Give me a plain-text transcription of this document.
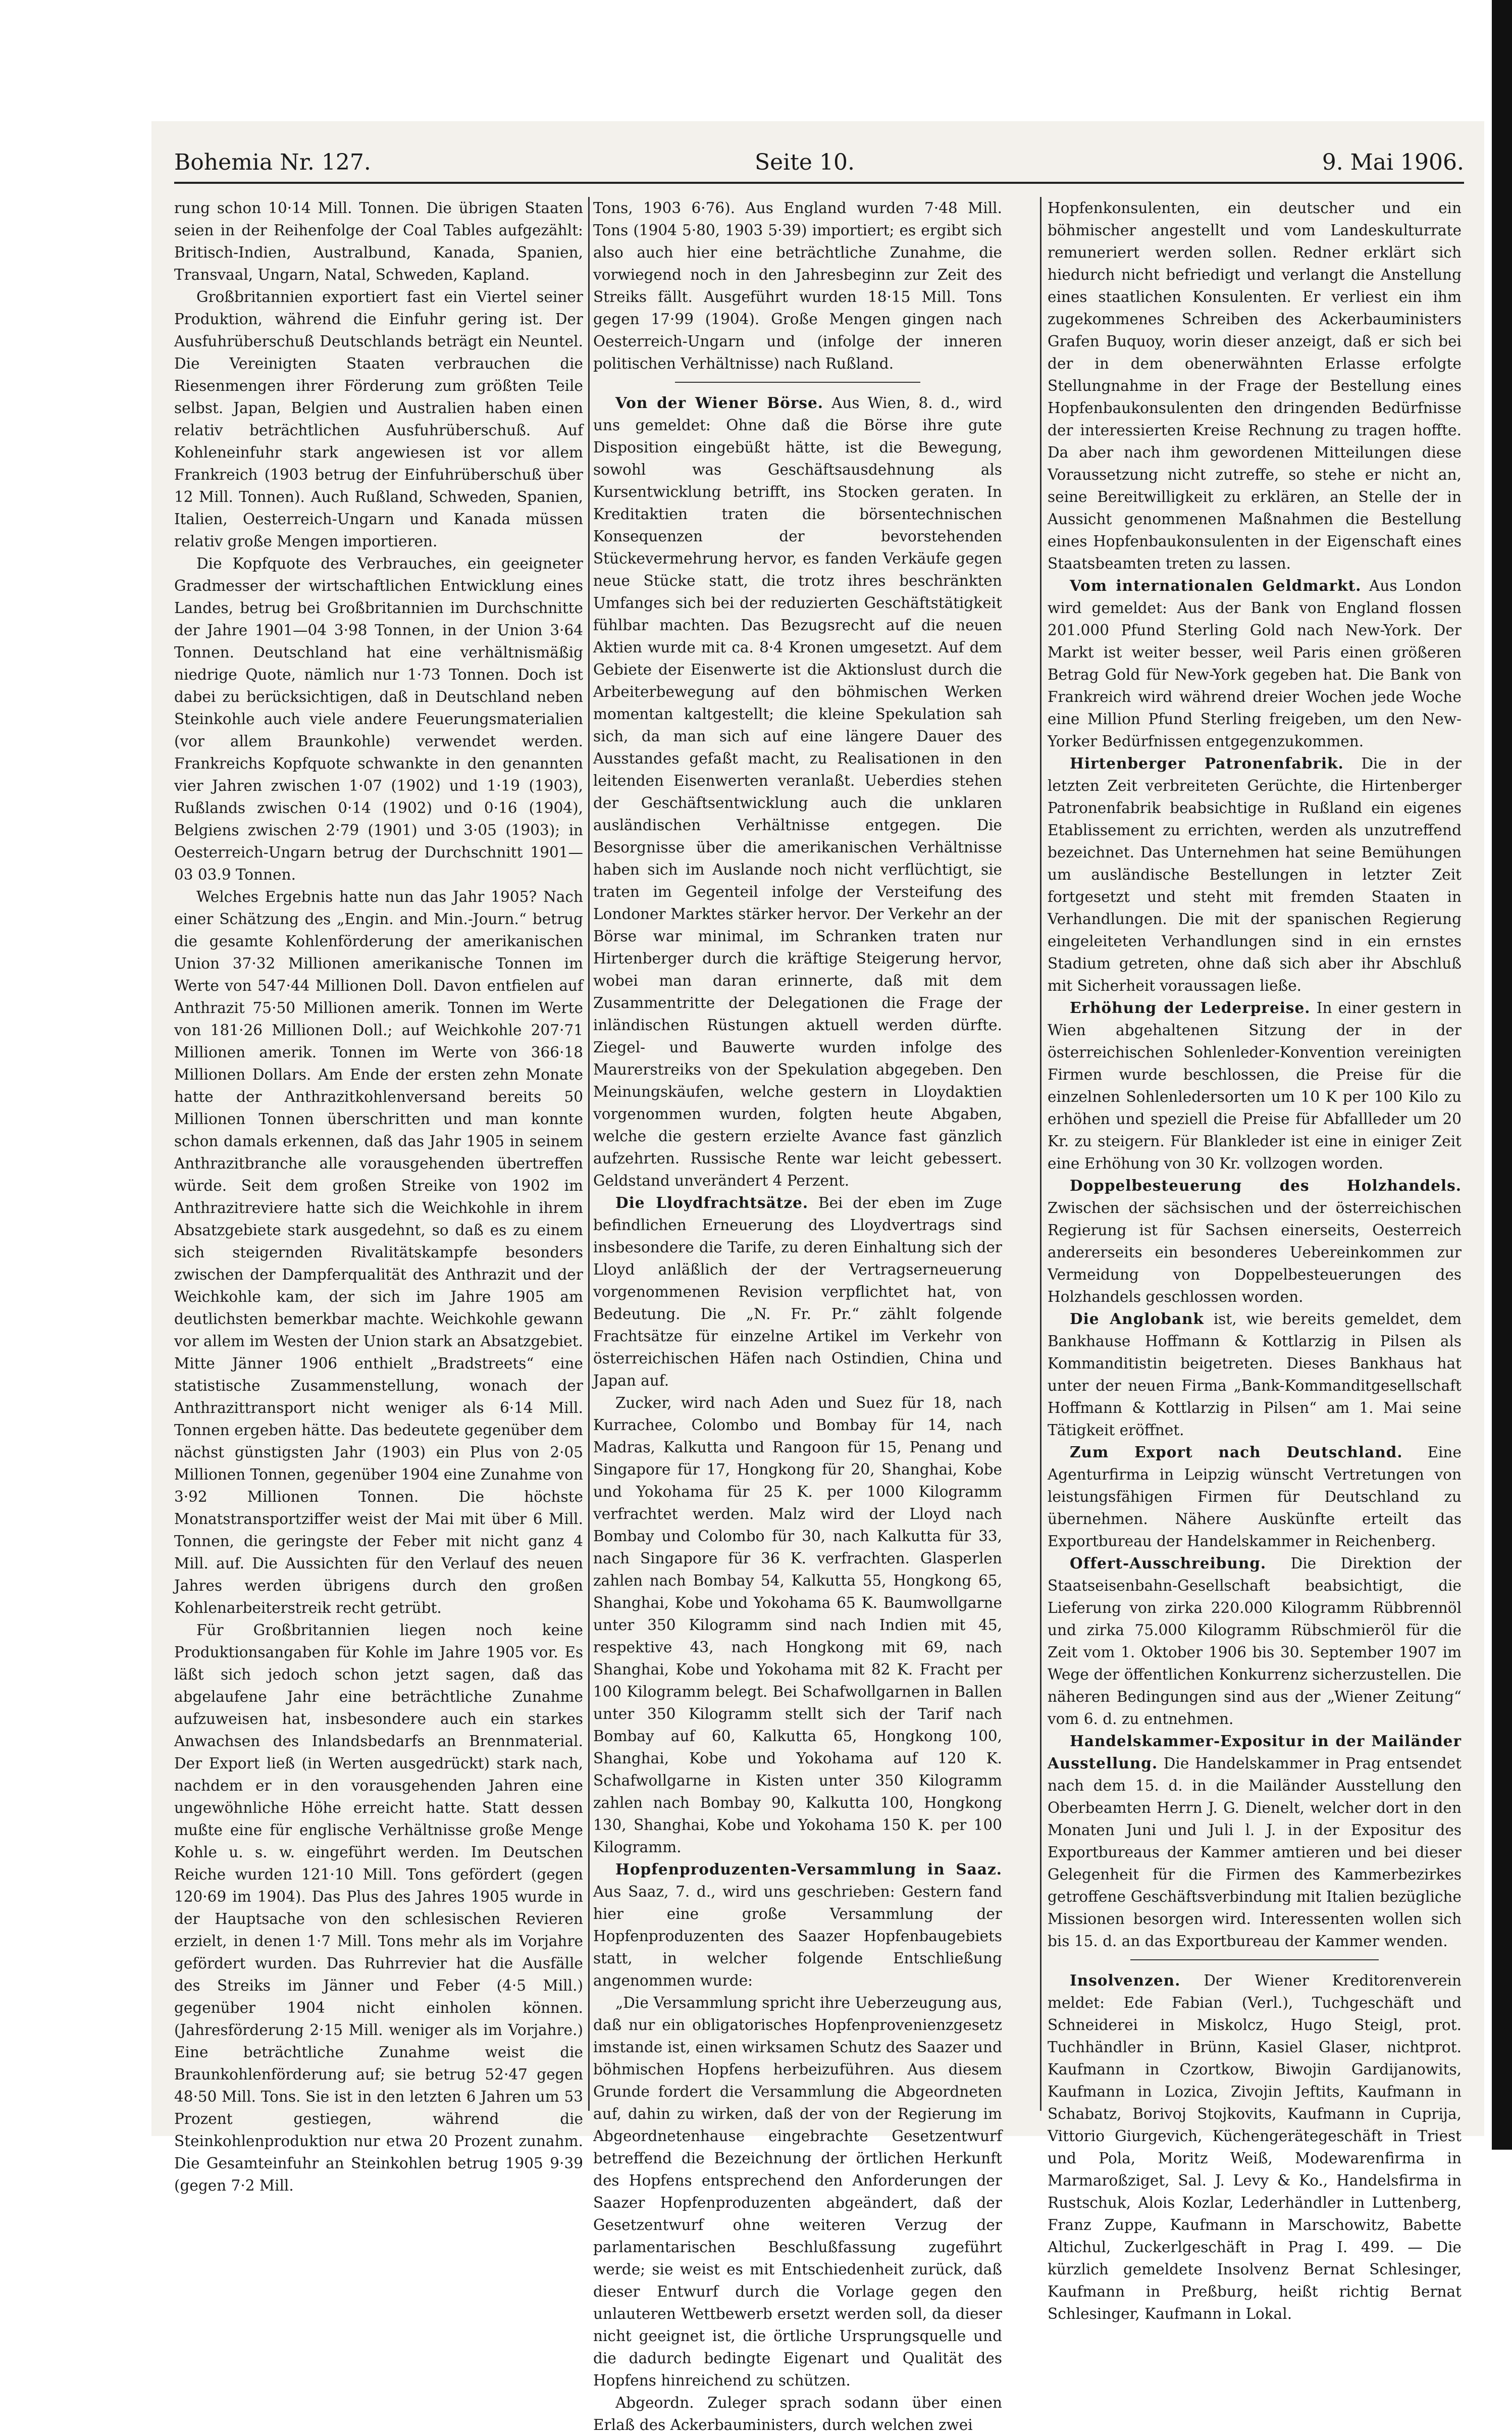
Bohemia Nr. 127.	Seite 10.	9. Mai 1906.

rung schon 10·14 Mill. Tonnen. Die übrigen Staaten seien in der Reihenfolge der Coal Tables aufgezählt: Britisch-Indien, Australbund, Kanada, Spanien, Transvaal, Ungarn, Natal, Schweden, Kapland.

Großbritannien exportiert fast ein Viertel seiner Produktion, während die Einfuhr gering ist. Der Ausfuhrüberschuß Deutschlands beträgt ein Neuntel. Die Vereinigten Staaten verbrauchen die Riesenmengen ihrer Förderung zum größten Teile selbst. Japan, Belgien und Australien haben einen relativ beträchtlichen Ausfuhrüberschuß. Auf Kohleneinfuhr stark angewiesen ist vor allem Frankreich (1903 betrug der Einfuhrüberschuß über 12 Mill. Tonnen). Auch Rußland, Schweden, Spanien, Italien, Oesterreich-Ungarn und Kanada müssen relativ große Mengen importieren.

Die Kopfquote des Verbrauches, ein geeigneter Gradmesser der wirtschaftlichen Entwicklung eines Landes, betrug bei Großbritannien im Durchschnitte der Jahre 1901—04 3·98 Tonnen, in der Union 3·64 Tonnen. Deutschland hat eine verhältnismäßig niedrige Quote, nämlich nur 1·73 Tonnen. Doch ist dabei zu berücksichtigen, daß in Deutschland neben Steinkohle auch viele andere Feuerungsmaterialien (vor allem Braunkohle) verwendet werden. Frankreichs Kopfquote schwankte in den genannten vier Jahren zwischen 1·07 (1902) und 1·19 (1903), Rußlands zwischen 0·14 (1902) und 0·16 (1904), Belgiens zwischen 2·79 (1901) und 3·05 (1903); in Oesterreich-Ungarn betrug der Durchschnitt 1901—03 03.9 Tonnen.

Welches Ergebnis hatte nun das Jahr 1905? Nach einer Schätzung des „Engin. and Min.-Journ.“ betrug die gesamte Kohlenförderung der amerikanischen Union 37·32 Millionen amerikanische Tonnen im Werte von 547·44 Millionen Doll. Davon entfielen auf Anthrazit 75·50 Millionen amerik. Tonnen im Werte von 181·26 Millionen Doll.; auf Weichkohle 207·71 Millionen amerik. Tonnen im Werte von 366·18 Millionen Dollars. Am Ende der ersten zehn Monate hatte der Anthrazitkohlenversand bereits 50 Millionen Tonnen überschritten und man konnte schon damals erkennen, daß das Jahr 1905 in seinem Anthrazitbranche alle vorausgehenden übertreffen würde. Seit dem großen Streike von 1902 im Anthrazitreviere hatte sich die Weichkohle in ihrem Absatzgebiete stark ausgedehnt, so daß es zu einem sich steigernden Rivalitätskampfe besonders zwischen der Dampferqualität des Anthrazit und der Weichkohle kam, der sich im Jahre 1905 am deutlichsten bemerkbar machte. Weichkohle gewann vor allem im Westen der Union stark an Absatzgebiet. Mitte Jänner 1906 enthielt „Bradstreets“ eine statistische Zusammenstellung, wonach der Anthrazittransport nicht weniger als 6·14 Mill. Tonnen ergeben hätte. Das bedeutete gegenüber dem nächst günstigsten Jahr (1903) ein Plus von 2·05 Millionen Tonnen, gegenüber 1904 eine Zunahme von 3·92 Millionen Tonnen. Die höchste Monatstransportziffer weist der Mai mit über 6 Mill. Tonnen, die geringste der Feber mit nicht ganz 4 Mill. auf. Die Aussichten für den Verlauf des neuen Jahres werden übrigens durch den großen Kohlenarbeiterstreik recht getrübt.

Für Großbritannien liegen noch keine Produktionsangaben für Kohle im Jahre 1905 vor. Es läßt sich jedoch schon jetzt sagen, daß das abgelaufene Jahr eine beträchtliche Zunahme aufzuweisen hat, insbesondere auch ein starkes Anwachsen des Inlandsbedarfs an Brennmaterial. Der Export ließ (in Werten ausgedrückt) stark nach, nachdem er in den vorausgehenden Jahren eine ungewöhnliche Höhe erreicht hatte. Statt dessen mußte eine für englische Verhältnisse große Menge Kohle u. s. w. eingeführt werden. Im Deutschen Reiche wurden 121·10 Mill. Tons gefördert (gegen 120·69 im 1904). Das Plus des Jahres 1905 wurde in der Hauptsache von den schlesischen Revieren erzielt, in denen 1·7 Mill. Tons mehr als im Vorjahre gefördert wurden. Das Ruhrrevier hat die Ausfälle des Streiks im Jänner und Feber (4·5 Mill.) gegenüber 1904 nicht einholen können. (Jahresförderung 2·15 Mill. weniger als im Vorjahre.) Eine beträchtliche Zunahme weist die Braunkohlenförderung auf; sie betrug 52·47 gegen 48·50 Mill. Tons. Sie ist in den letzten 6 Jahren um 53 Prozent gestiegen, während die Steinkohlenproduktion nur etwa 20 Prozent zunahm. Die Gesamteinfuhr an Steinkohlen betrug 1905 9·39 (gegen 7·2 Mill.

Tons, 1903 6·76). Aus England wurden 7·48 Mill. Tons (1904 5·80, 1903 5·39) importiert; es ergibt sich also auch hier eine beträchtliche Zunahme, die vorwiegend noch in den Jahresbeginn zur Zeit des Streiks fällt. Ausgeführt wurden 18·15 Mill. Tons gegen 17·99 (1904). Große Mengen gingen nach Oesterreich-Ungarn und (infolge der inneren politischen Verhältnisse) nach Rußland.

Von der Wiener Börse. Aus Wien, 8. d., wird uns gemeldet: Ohne daß die Börse ihre gute Disposition eingebüßt hätte, ist die Bewegung, sowohl was Geschäftsausdehnung als Kursentwicklung betrifft, ins Stocken geraten. In Kreditaktien traten die börsentechnischen Konsequenzen der bevorstehenden Stückevermehrung hervor, es fanden Verkäufe gegen neue Stücke statt, die trotz ihres beschränkten Umfanges sich bei der reduzierten Geschäftstätigkeit fühlbar machten. Das Bezugsrecht auf die neuen Aktien wurde mit ca. 8·4 Kronen umgesetzt. Auf dem Gebiete der Eisenwerte ist die Aktionslust durch die Arbeiterbewegung auf den böhmischen Werken momentan kaltgestellt; die kleine Spekulation sah sich, da man sich auf eine längere Dauer des Ausstandes gefaßt macht, zu Realisationen in den leitenden Eisenwerten veranlaßt. Ueberdies stehen der Geschäftsentwicklung auch die unklaren ausländischen Verhältnisse entgegen. Die Besorgnisse über die amerikanischen Verhältnisse haben sich im Auslande noch nicht verflüchtigt, sie traten im Gegenteil infolge der Versteifung des Londoner Marktes stärker hervor. Der Verkehr an der Börse war minimal, im Schranken traten nur Hirtenberger durch die kräftige Steigerung hervor, wobei man daran erinnerte, daß mit dem Zusammentritte der Delegationen die Frage der inländischen Rüstungen aktuell werden dürfte. Ziegel- und Bauwerte wurden infolge des Maurerstreiks von der Spekulation abgegeben. Den Meinungskäufen, welche gestern in Lloydaktien vorgenommen wurden, folgten heute Abgaben, welche die gestern erzielte Avance fast gänzlich aufzehrten. Russische Rente war leicht gebessert. Geldstand unverändert 4 Perzent.

Die Lloydfrachtsätze. Bei der eben im Zuge befindlichen Erneuerung des Lloydvertrags sind insbesondere die Tarife, zu deren Einhaltung sich der Lloyd anläßlich der der Vertragserneuerung vorgenommenen Revision verpflichtet hat, von Bedeutung. Die „N. Fr. Pr.“ zählt folgende Frachtsätze für einzelne Artikel im Verkehr von österreichischen Häfen nach Ostindien, China und Japan auf.

Zucker, wird nach Aden und Suez für 18, nach Kurrachee, Colombo und Bombay für 14, nach Madras, Kalkutta und Rangoon für 15, Penang und Singapore für 17, Hongkong für 20, Shanghai, Kobe und Yokohama für 25 K. per 1000 Kilogramm verfrachtet werden. Malz wird der Lloyd nach Bombay und Colombo für 30, nach Kalkutta für 33, nach Singapore für 36 K. verfrachten. Glasperlen zahlen nach Bombay 54, Kalkutta 55, Hongkong 65, Shanghai, Kobe und Yokohama 65 K. Baumwollgarne unter 350 Kilogramm sind nach Indien mit 45, respektive 43, nach Hongkong mit 69, nach Shanghai, Kobe und Yokohama mit 82 K. Fracht per 100 Kilogramm belegt. Bei Schafwollgarnen in Ballen unter 350 Kilogramm stellt sich der Tarif nach Bombay auf 60, Kalkutta 65, Hongkong 100, Shanghai, Kobe und Yokohama auf 120 K. Schafwollgarne in Kisten unter 350 Kilogramm zahlen nach Bombay 90, Kalkutta 100, Hongkong 130, Shanghai, Kobe und Yokohama 150 K. per 100 Kilogramm.

Hopfenproduzenten-Versammlung in Saaz. Aus Saaz, 7. d., wird uns geschrieben: Gestern fand hier eine große Versammlung der Hopfenproduzenten des Saazer Hopfenbaugebiets statt, in welcher folgende Entschließung angenommen wurde:

„Die Versammlung spricht ihre Ueberzeugung aus, daß nur ein obligatorisches Hopfenprovenienzgesetz imstande ist, einen wirksamen Schutz des Saazer und böhmischen Hopfens herbeizuführen. Aus diesem Grunde fordert die Versammlung die Abgeordneten auf, dahin zu wirken, daß der von der Regierung im Abgeordnetenhause eingebrachte Gesetzentwurf betreffend die Bezeichnung der örtlichen Herkunft des Hopfens entsprechend den Anforderungen der Saazer Hopfenproduzenten abgeändert, daß der Gesetzentwurf ohne weiteren Verzug der parlamentarischen Beschlußfassung zugeführt werde; sie weist es mit Entschiedenheit zurück, daß dieser Entwurf durch die Vorlage gegen den unlauteren Wettbewerb ersetzt werden soll, da dieser nicht geeignet ist, die örtliche Ursprungsquelle und die dadurch bedingte Eigenart und Qualität des Hopfens hinreichend zu schützen.

Abgeordn. Zuleger sprach sodann über einen Erlaß des Ackerbauministers, durch welchen zwei

Hopfenkonsulenten, ein deutscher und ein böhmischer angestellt und vom Landeskulturrate remuneriert werden sollen. Redner erklärt sich hiedurch nicht befriedigt und verlangt die Anstellung eines staatlichen Konsulenten. Er verliest ein ihm zugekommenes Schreiben des Ackerbauministers Grafen Buquoy, worin dieser anzeigt, daß er sich bei der in dem obenerwähnten Erlasse erfolgte Stellungnahme in der Frage der Bestellung eines Hopfenbaukonsulenten den dringenden Bedürfnisse der interessierten Kreise Rechnung zu tragen hoffte. Da aber nach ihm gewordenen Mitteilungen diese Voraussetzung nicht zutreffe, so stehe er nicht an, seine Bereitwilligkeit zu erklären, an Stelle der in Aussicht genommenen Maßnahmen die Bestellung eines Hopfenbaukonsulenten in der Eigenschaft eines Staatsbeamten treten zu lassen.

Vom internationalen Geldmarkt. Aus London wird gemeldet: Aus der Bank von England flossen 201.000 Pfund Sterling Gold nach New-York. Der Markt ist weiter besser, weil Paris einen größeren Betrag Gold für New-York gegeben hat. Die Bank von Frankreich wird während dreier Wochen jede Woche eine Million Pfund Sterling freigeben, um den New-Yorker Bedürfnissen entgegenzukommen.

Hirtenberger Patronenfabrik. Die in der letzten Zeit verbreiteten Gerüchte, die Hirtenberger Patronenfabrik beabsichtige in Rußland ein eigenes Etablissement zu errichten, werden als unzutreffend bezeichnet. Das Unternehmen hat seine Bemühungen um ausländische Bestellungen in letzter Zeit fortgesetzt und steht mit fremden Staaten in Verhandlungen. Die mit der spanischen Regierung eingeleiteten Verhandlungen sind in ein ernstes Stadium getreten, ohne daß sich aber ihr Abschluß mit Sicherheit voraussagen ließe.

Erhöhung der Lederpreise. In einer gestern in Wien abgehaltenen Sitzung der in der österreichischen Sohlenleder-Konvention vereinigten Firmen wurde beschlossen, die Preise für die einzelnen Sohlenledersorten um 10 K per 100 Kilo zu erhöhen und speziell die Preise für Abfallleder um 20 Kr. zu steigern. Für Blankleder ist eine in einiger Zeit eine Erhöhung von 30 Kr. vollzogen worden.

Doppelbesteuerung des Holzhandels. Zwischen der sächsischen und der österreichischen Regierung ist für Sachsen einerseits, Oesterreich andererseits ein besonderes Uebereinkommen zur Vermeidung von Doppelbesteuerungen des Holzhandels geschlossen worden.

Die Anglobank ist, wie bereits gemeldet, dem Bankhause Hoffmann & Kottlarzig in Pilsen als Kommanditistin beigetreten. Dieses Bankhaus hat unter der neuen Firma „Bank-Kommanditgesellschaft Hoffmann & Kottlarzig in Pilsen“ am 1. Mai seine Tätigkeit eröffnet.

Zum Export nach Deutschland. Eine Agenturfirma in Leipzig wünscht Vertretungen von leistungsfähigen Firmen für Deutschland zu übernehmen. Nähere Auskünfte erteilt das Exportbureau der Handelskammer in Reichenberg.

Offert-Ausschreibung. Die Direktion der Staatseisenbahn-Gesellschaft beabsichtigt, die Lieferung von zirka 220.000 Kilogramm Rübbrennöl und zirka 75.000 Kilogramm Rübschmieröl für die Zeit vom 1. Oktober 1906 bis 30. September 1907 im Wege der öffentlichen Konkurrenz sicherzustellen. Die näheren Bedingungen sind aus der „Wiener Zeitung“ vom 6. d. zu entnehmen.

Handelskammer-Expositur in der Mailänder Ausstellung. Die Handelskammer in Prag entsendet nach dem 15. d. in die Mailänder Ausstellung den Oberbeamten Herrn J. G. Dienelt, welcher dort in den Monaten Juni und Juli l. J. in der Expositur des Exportbureaus der Kammer amtieren und bei dieser Gelegenheit für die Firmen des Kammerbezirkes getroffene Geschäftsverbindung mit Italien bezügliche Missionen besorgen wird. Interessenten wollen sich bis 15. d. an das Exportbureau der Kammer wenden.

Insolvenzen. Der Wiener Kreditorenverein meldet: Ede Fabian (Verl.), Tuchgeschäft und Schneiderei in Miskolcz, Hugo Steigl, prot. Tuchhändler in Brünn, Kasiel Glaser, nichtprot. Kaufmann in Czortkow, Biwojin Gardijanowits, Kaufmann in Lozica, Zivojin Jeftits, Kaufmann in Schabatz, Borivoj Stojkovits, Kaufmann in Cuprija, Vittorio Giurgevich, Küchengerätegeschäft in Triest und Pola, Moritz Weiß, Modewarenfirma in Marmaroßziget, Sal. J. Levy & Ko., Handelsfirma in Rustschuk, Alois Kozlar, Lederhändler in Luttenberg, Franz Zuppe, Kaufmann in Marschowitz, Babette Altichul, Zuckerlgeschäft in Prag I. 499. — Die kürzlich gemeldete Insolvenz Bernat Schlesinger, Kaufmann in Preßburg, heißt richtig Bernat Schlesinger, Kaufmann in Lokal.
